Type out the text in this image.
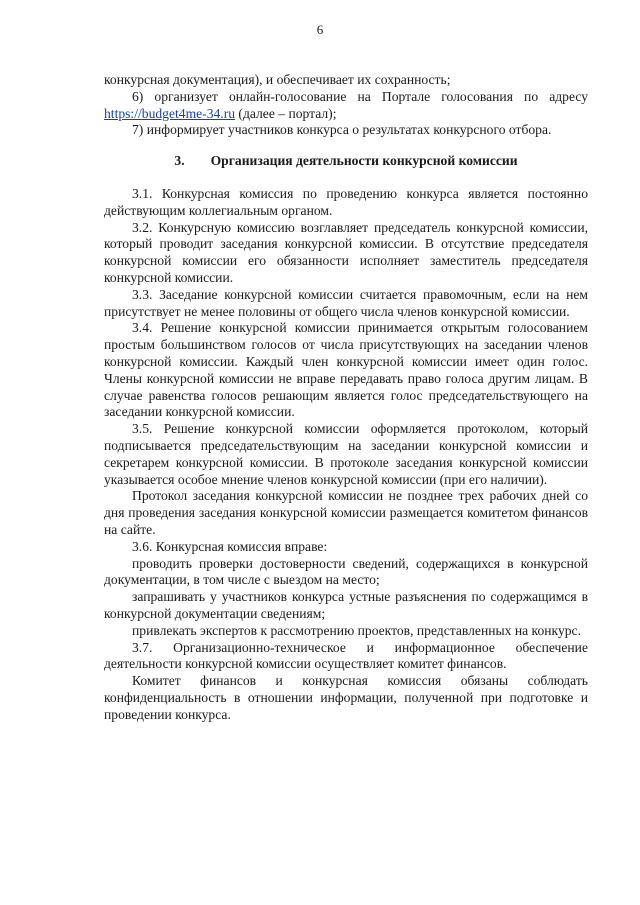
6

конкурсная документация), и обеспечивает их сохранность;

6) организует онлайн-голосование на Портале голосования по адресу https://budget4me-34.ru (далее – портал);

7) информирует участников конкурса о результатах конкурсного отбора.

3. Организация деятельности конкурсной комиссии

3.1. Конкурсная комиссия по проведению конкурса является постоянно действующим коллегиальным органом.

3.2. Конкурсную комиссию возглавляет председатель конкурсной комиссии, который проводит заседания конкурсной комиссии. В отсутствие председателя конкурсной комиссии его обязанности исполняет заместитель председателя конкурсной комиссии.

3.3. Заседание конкурсной комиссии считается правомочным, если на нем присутствует не менее половины от общего числа членов конкурсной комиссии.

3.4. Решение конкурсной комиссии принимается открытым голосованием простым большинством голосов от числа присутствующих на заседании членов конкурсной комиссии. Каждый член конкурсной комиссии имеет один голос. Члены конкурсной комиссии не вправе передавать право голоса другим лицам. В случае равенства голосов решающим является голос председательствующего на заседании конкурсной комиссии.

3.5. Решение конкурсной комиссии оформляется протоколом, который подписывается председательствующим на заседании конкурсной комиссии и секретарем конкурсной комиссии. В протоколе заседания конкурсной комиссии указывается особое мнение членов конкурсной комиссии (при его наличии).

Протокол заседания конкурсной комиссии не позднее трех рабочих дней со дня проведения заседания конкурсной комиссии размещается комитетом финансов на сайте.

3.6. Конкурсная комиссия вправе:

проводить проверки достоверности сведений, содержащихся в конкурсной документации, в том числе с выездом на место;

запрашивать у участников конкурса устные разъяснения по содержащимся в конкурсной документации сведениям;

привлекать экспертов к рассмотрению проектов, представленных на конкурс.

3.7. Организационно-техническое и информационное обеспечение деятельности конкурсной комиссии осуществляет комитет финансов.

Комитет финансов и конкурсная комиссия обязаны соблюдать конфиденциальность в отношении информации, полученной при подготовке и проведении конкурса.
